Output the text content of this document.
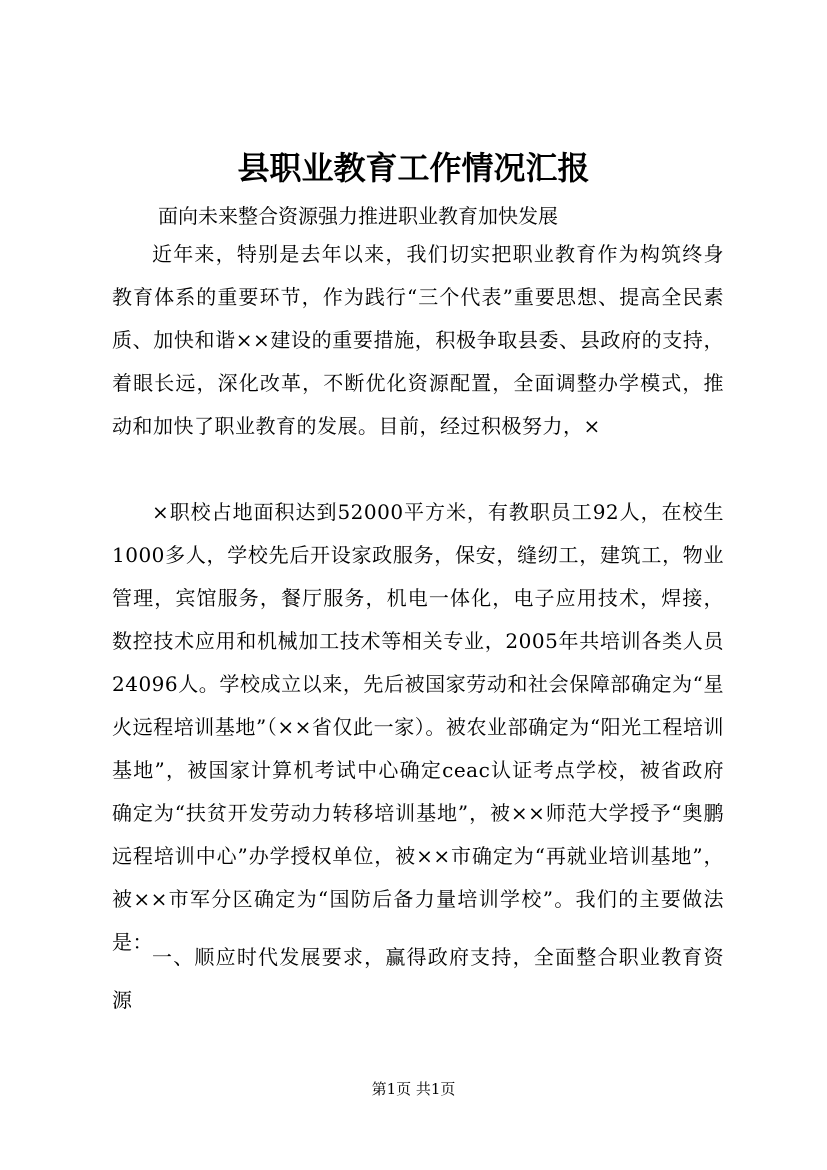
县职业教育工作情况汇报

面向未来整合资源强力推进职业教育加快发展

近年来，特别是去年以来，我们切实把职业教育作为构筑终身教育体系的重要环节，作为践行“三个代表”重要思想、提高全民素质、加快和谐××建设的重要措施，积极争取县委、县政府的支持，着眼长远，深化改革，不断优化资源配置，全面调整办学模式，推动和加快了职业教育的发展。目前，经过积极努力，×

×职校占地面积达到52000平方米，有教职员工92人，在校生1000多人，学校先后开设家政服务，保安，缝纫工，建筑工，物业管理，宾馆服务，餐厅服务，机电一体化，电子应用技术，焊接，数控技术应用和机械加工技术等相关专业，2005年共培训各类人员24096人。学校成立以来，先后被国家劳动和社会保障部确定为“星火远程培训基地”（××省仅此一家）。被农业部确定为“阳光工程培训基地”，被国家计算机考试中心确定ceac认证考点学校，被省政府确定为“扶贫开发劳动力转移培训基地”，被××师范大学授予“奥鹏远程培训中心”办学授权单位，被××市确定为“再就业培训基地”，被××市军分区确定为“国防后备力量培训学校”。我们的主要做法是：

一、顺应时代发展要求，赢得政府支持，全面整合职业教育资源

第1页 共1页
